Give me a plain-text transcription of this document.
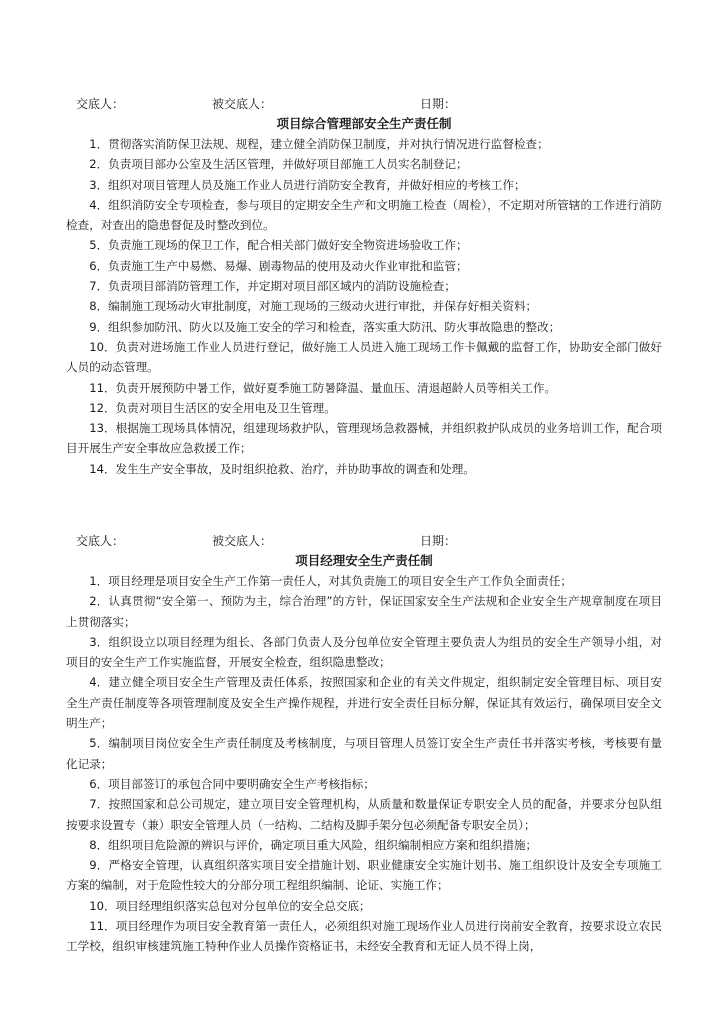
交底人：	被交底人：	日期：
项目综合管理部安全生产责任制

1．贯彻落实消防保卫法规、规程，建立健全消防保卫制度，并对执行情况进行监督检查；

2．负责项目部办公室及生活区管理，并做好项目部施工人员实名制登记；

3．组织对项目管理人员及施工作业人员进行消防安全教育，并做好相应的考核工作；

4．组织消防安全专项检查，参与项目的定期安全生产和文明施工检查（周检），不定期对所管辖的工作进行消防检查，对查出的隐患督促及时整改到位。

5．负责施工现场的保卫工作，配合相关部门做好安全物资进场验收工作；

6．负责施工生产中易燃、易爆、剧毒物品的使用及动火作业审批和监管；

7．负责项目部消防管理工作，并定期对项目部区域内的消防设施检查；

8．编制施工现场动火审批制度，对施工现场的三级动火进行审批，并保存好相关资料；

9．组织参加防汛、防火以及施工安全的学习和检查，落实重大防汛、防火事故隐患的整改；

10．负责对进场施工作业人员进行登记，做好施工人员进入施工现场工作卡佩戴的监督工作，协助安全部门做好人员的动态管理。

11．负责开展预防中暑工作，做好夏季施工防暑降温、量血压、清退超龄人员等相关工作。

12．负责对项目生活区的安全用电及卫生管理。

13．根据施工现场具体情况，组建现场救护队，管理现场急救器械，并组织救护队成员的业务培训工作，配合项目开展生产安全事故应急救援工作；

14．发生生产安全事故，及时组织抢救、治疗，并协助事故的调查和处理。

交底人：	被交底人：	日期：
项目经理安全生产责任制

1．项目经理是项目安全生产工作第一责任人，对其负责施工的项目安全生产工作负全面责任；

2．认真贯彻“安全第一、预防为主，综合治理”的方针，保证国家安全生产法规和企业安全生产规章制度在项目上贯彻落实；

3．组织设立以项目经理为组长、各部门负责人及分包单位安全管理主要负责人为组员的安全生产领导小组，对项目的安全生产工作实施监督，开展安全检查，组织隐患整改；

4．建立健全项目安全生产管理及责任体系，按照国家和企业的有关文件规定，组织制定安全管理目标、项目安全生产责任制度等各项管理制度及安全生产操作规程，并进行安全责任目标分解，保证其有效运行，确保项目安全文明生产；

5．编制项目岗位安全生产责任制度及考核制度，与项目管理人员签订安全生产责任书并落实考核，考核要有量化记录；

6．项目部签订的承包合同中要明确安全生产考核指标；

7．按照国家和总公司规定，建立项目安全管理机构，从质量和数量保证专职安全人员的配备，并要求分包队组按要求设置专（兼）职安全管理人员（一结构、二结构及脚手架分包必须配备专职安全员）；

8．组织项目危险源的辨识与评价，确定项目重大风险，组织编制相应方案和组织措施；

9．严格安全管理，认真组织落实项目安全措施计划、职业健康安全实施计划书、施工组织设计及安全专项施工方案的编制，对于危险性较大的分部分项工程组织编制、论证、实施工作；

10．项目经理组织落实总包对分包单位的安全总交底；

11．项目经理作为项目安全教育第一责任人，必须组织对施工现场作业人员进行岗前安全教育，按要求设立农民工学校，组织审核建筑施工特种作业人员操作资格证书，未经安全教育和无证人员不得上岗，
